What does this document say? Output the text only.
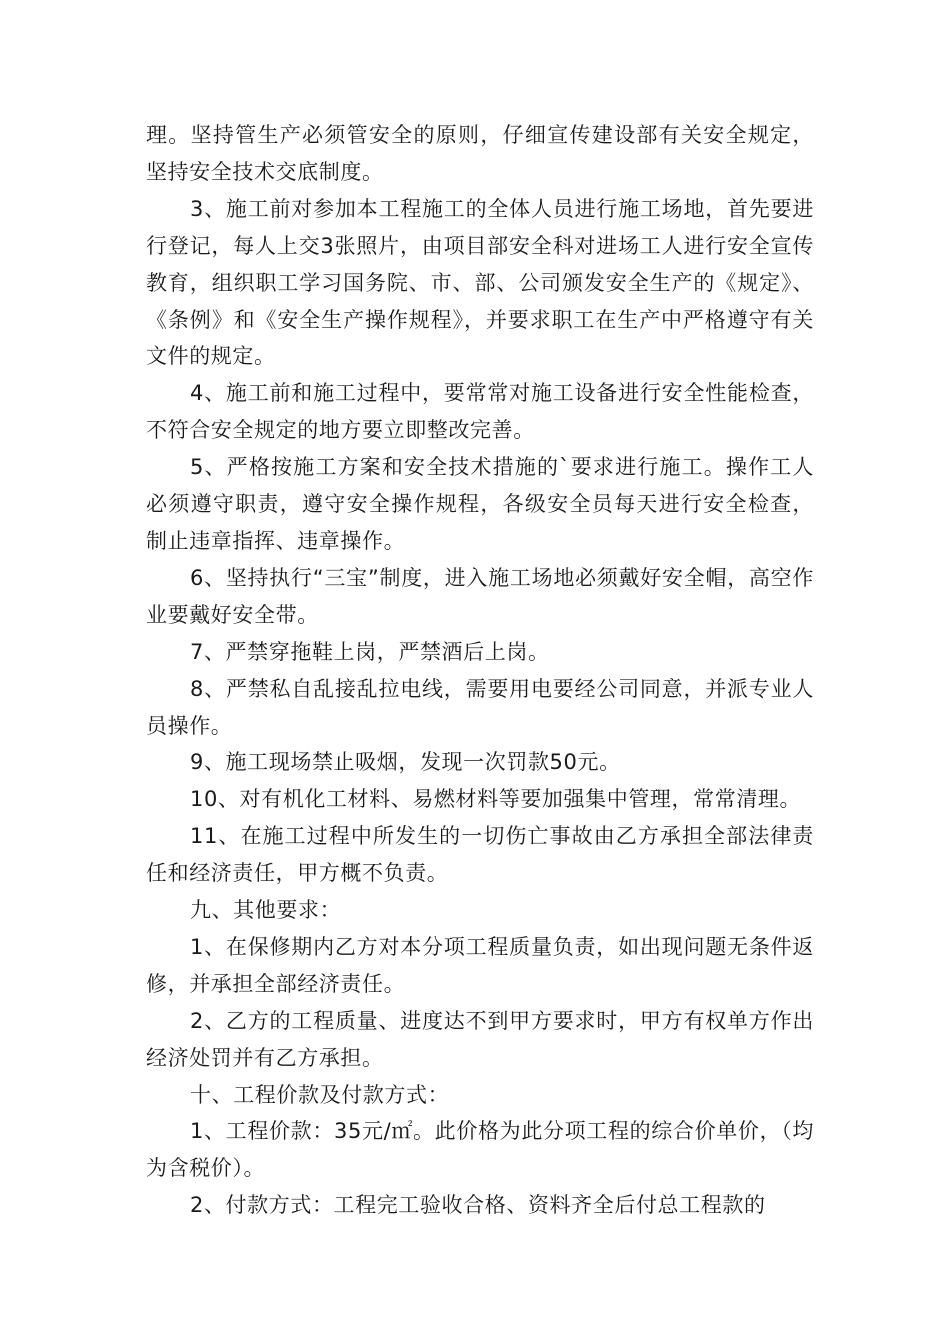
理。坚持管生产必须管安全的原则，仔细宣传建设部有关安全规定，坚持安全技术交底制度。

3、施工前对参加本工程施工的全体人员进行施工场地，首先要进行登记，每人上交3张照片，由项目部安全科对进场工人进行安全宣传教育，组织职工学习国务院、市、部、公司颁发安全生产的《规定》、《条例》和《安全生产操作规程》，并要求职工在生产中严格遵守有关文件的规定。

4、施工前和施工过程中，要常常对施工设备进行安全性能检查，不符合安全规定的地方要立即整改完善。

5、严格按施工方案和安全技术措施的`要求进行施工。操作工人必须遵守职责，遵守安全操作规程，各级安全员每天进行安全检查，制止违章指挥、违章操作。

6、坚持执行“三宝”制度，进入施工场地必须戴好安全帽，高空作业要戴好安全带。

7、严禁穿拖鞋上岗，严禁酒后上岗。

8、严禁私自乱接乱拉电线，需要用电要经公司同意，并派专业人员操作。

9、施工现场禁止吸烟，发现一次罚款50元。

10、对有机化工材料、易燃材料等要加强集中管理，常常清理。

11、在施工过程中所发生的一切伤亡事故由乙方承担全部法律责任和经济责任，甲方概不负责。

九、其他要求：

1、在保修期内乙方对本分项工程质量负责，如出现问题无条件返修，并承担全部经济责任。

2、乙方的工程质量、进度达不到甲方要求时，甲方有权单方作出经济处罚并有乙方承担。

十、工程价款及付款方式：

1、工程价款：35元/㎡。此价格为此分项工程的综合价单价，（均为含税价）。

2、付款方式：工程完工验收合格、资料齐全后付总工程款的
